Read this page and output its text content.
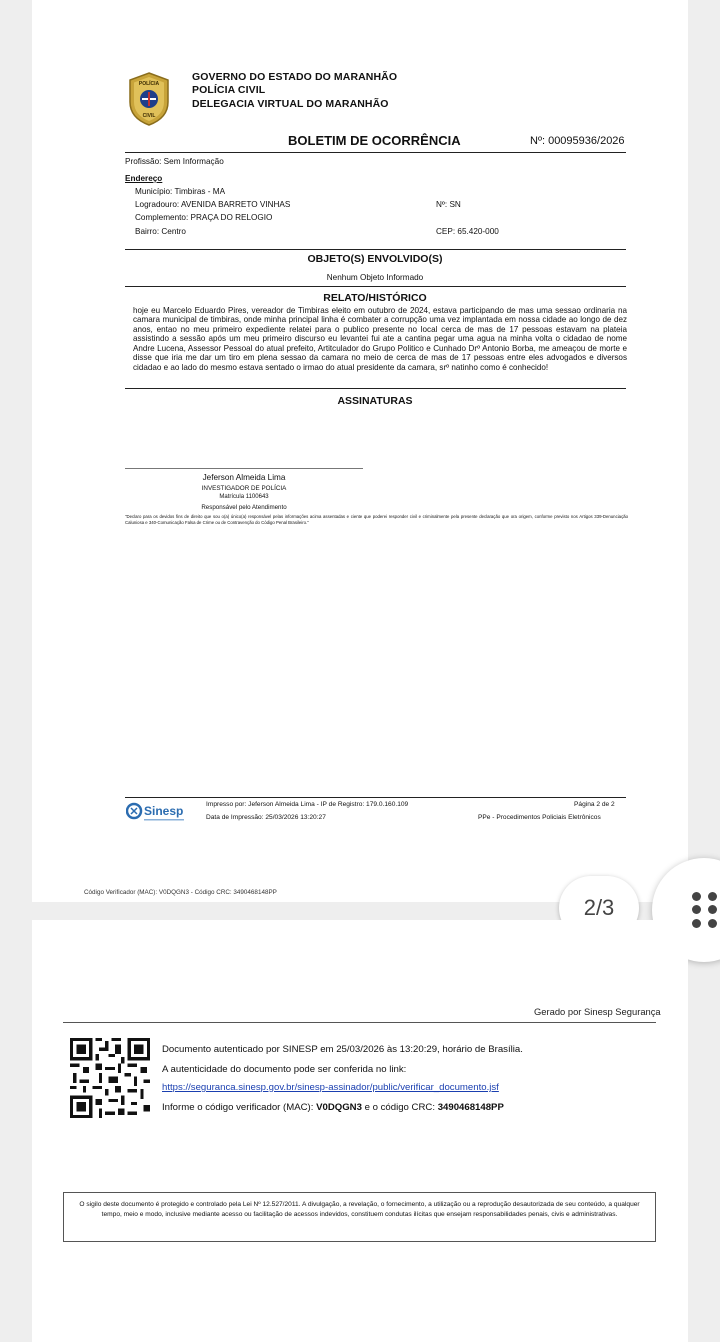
POLÍCIA
CIVIL
GOVERNO DO ESTADO DO MARANHÃO
POLÍCIA CIVIL
DELEGACIA VIRTUAL DO MARANHÃO
BOLETIM DE OCORRÊNCIA	Nº: 00095936/2026
Profissão: Sem Informação
Endereço
Município: Timbiras - MA
Logradouro: AVENIDA BARRETO VINHAS	Nº: SN
Complemento: PRAÇA DO RELOGIO
Bairro: Centro	CEP: 65.420-000
OBJETO(S) ENVOLVIDO(S)
Nenhum Objeto Informado
RELATO/HISTÓRICO
hoje eu Marcelo Eduardo Pires, vereador de Timbiras eleito em outubro de 2024, estava participando de mas uma sessao ordinaria na camara municipal de timbiras, onde minha principal linha é combater a corrupção uma vez implantada em nossa cidade ao longo de dez anos, entao no meu primeiro expediente relatei para o publico presente no local cerca de mas de 17 pessoas estavam na plateia assistindo a sessão após um meu primeiro discurso eu levantei fui ate a cantina pegar uma agua na minha volta o cidadao de nome Andre Lucena, Assessor Pessoal do atual prefeito, Artitculador do Grupo Politico e Cunhado Drº Antonio Borba, me ameaçou de morte e disse que iria me dar um tiro em plena sessao da camara no meio de cerca de mas de 17 pessoas entre eles advogados e diversos cidadao e ao lado do mesmo estava sentado o irmao do atual presidente da camara, srº natinho como é conhecido!
ASSINATURAS
Jeferson Almeida Lima
INVESTIGADOR DE POLÍCIA
Matrícula 1100643
Responsável pelo Atendimento
"Declaro para os devidos fins de direito que sou o(a) único(a) responsável pelas informações acima assentadas e ciente que poderei responder civil e criminalmente pela presente declaração que ora origem, conforme previsto nos Artigos 339-Denunciação Caluniosa e 340-Comunicação Falsa de Crime ou de Contravenção do Código Penal Brasileiro."
Sinesp	Impresso por: Jeferson Almeida Lima - IP de Registro: 179.0.160.109
Data de Impressão: 25/03/2026 13:20:27
Página 2 de 2
PPe - Procedimentos Policiais Eletrônicos
Código Verificador (MAC): V0DQGN3 - Código CRC: 3490468148PP
2/3
Gerado por Sinesp Segurança
Documento autenticado por SINESP em 25/03/2026 às 13:20:29, horário de Brasília.
A autenticidade do documento pode ser conferida no link:
https://seguranca.sinesp.gov.br/sinesp-assinador/public/verificar_documento.jsf
Informe o código verificador (MAC): V0DQGN3 e o código CRC: 3490468148PP
O sigilo deste documento é protegido e controlado pela Lei Nº 12.527/2011. A divulgação, a revelação, o fornecimento, a utilização ou a reprodução desautorizada de seu conteúdo, a qualquer tempo, meio e modo, inclusive mediante acesso ou facilitação de acessos indevidos, constituem condutas ilícitas que ensejam responsabilidades penais, civis e administrativas.
